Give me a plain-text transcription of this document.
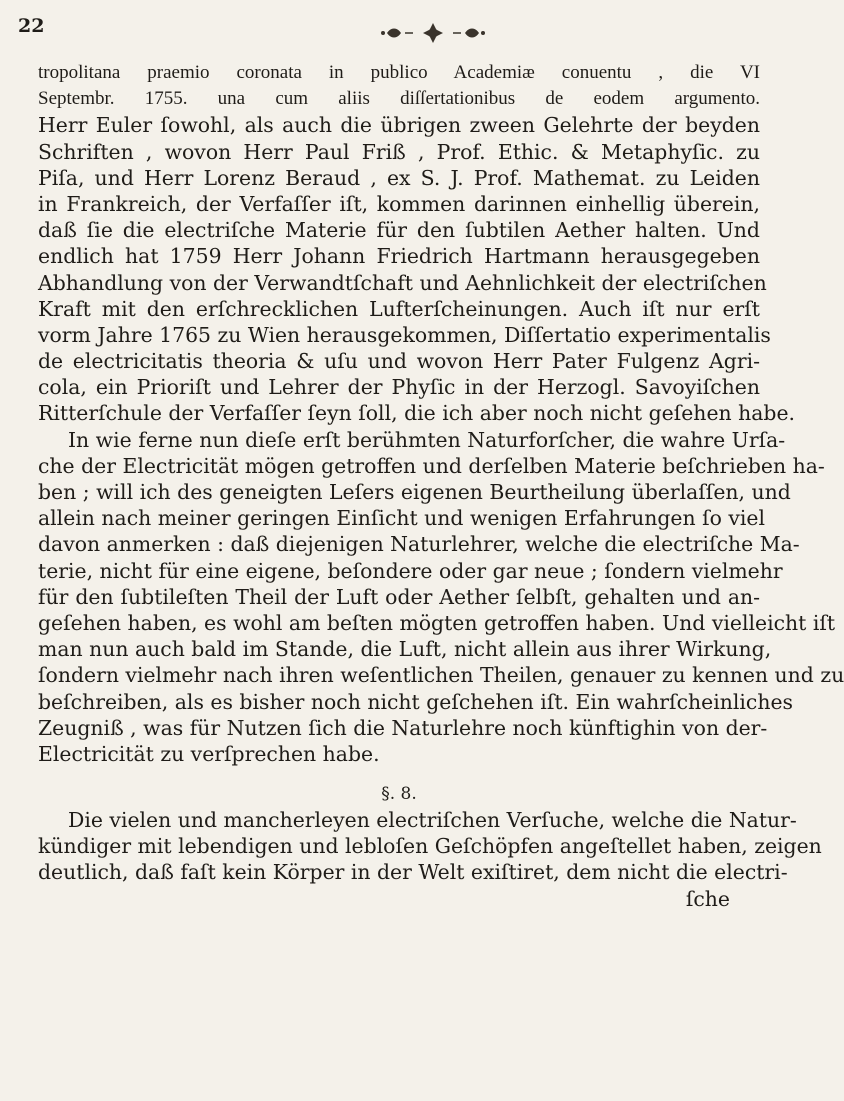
22
tropolitana praemio coronata in publico Academiæ conuentu , die VI
Septembr. 1755. una cum aliis diſſertationibus de eodem argumento.
Herr Euler ſowohl, als auch die übrigen zween Gelehrte der beyden
Schriften , wovon Herr Paul Friß , Prof. Ethic. & Metaphyſic. zu
Piſa, und Herr Lorenz Beraud , ex S. J. Prof. Mathemat. zu Leiden
in Frankreich, der Verfaſſer iſt, kommen darinnen einhellig überein,
daß ſie die electriſche Materie für den ſubtilen Aether halten. Und
endlich hat 1759 Herr Johann Friedrich Hartmann herausgegeben
Abhandlung von der Verwandtſchaft und Aehnlichkeit der electriſchen
Kraft mit den erſchrecklichen Lufterſcheinungen. Auch iſt nur erſt
vorm Jahre 1765 zu Wien herausgekommen, Diſſertatio experimentalis
de electricitatis theoria & uſu und wovon Herr Pater Fulgenz Agri-
cola, ein Prioriſt und Lehrer der Phyſic in der Herzogl. Savoyiſchen
Ritterſchule der Verfaſſer ſeyn ſoll, die ich aber noch nicht geſehen habe.
In wie ferne nun dieſe erſt berühmten Naturforſcher, die wahre Urſa-
che der Electricität mögen getroffen und derſelben Materie beſchrieben ha-
ben ; will ich des geneigten Leſers eigenen Beurtheilung überlaſſen, und
allein nach meiner geringen Einſicht und wenigen Erfahrungen ſo viel
davon anmerken : daß diejenigen Naturlehrer, welche die electriſche Ma-
terie, nicht für eine eigene, beſondere oder gar neue ; ſondern vielmehr
für den ſubtileſten Theil der Luft oder Aether ſelbſt, gehalten und an-
geſehen haben, es wohl am beſten mögten getroffen haben. Und vielleicht iſt
man nun auch bald im Stande, die Luft, nicht allein aus ihrer Wirkung,
ſondern vielmehr nach ihren weſentlichen Theilen, genauer zu kennen und zu
beſchreiben, als es bisher noch nicht geſchehen iſt. Ein wahrſcheinliches
Zeugniß , was für Nutzen ſich die Naturlehre noch künftighin von der-
Electricität zu verſprechen habe.
§. 8.
Die vielen und mancherleyen electriſchen Verſuche, welche die Natur-
kündiger mit lebendigen und lebloſen Geſchöpfen angeſtellet haben, zeigen
deutlich, daß faſt kein Körper in der Welt exiſtiret, dem nicht die electri-
ſche
